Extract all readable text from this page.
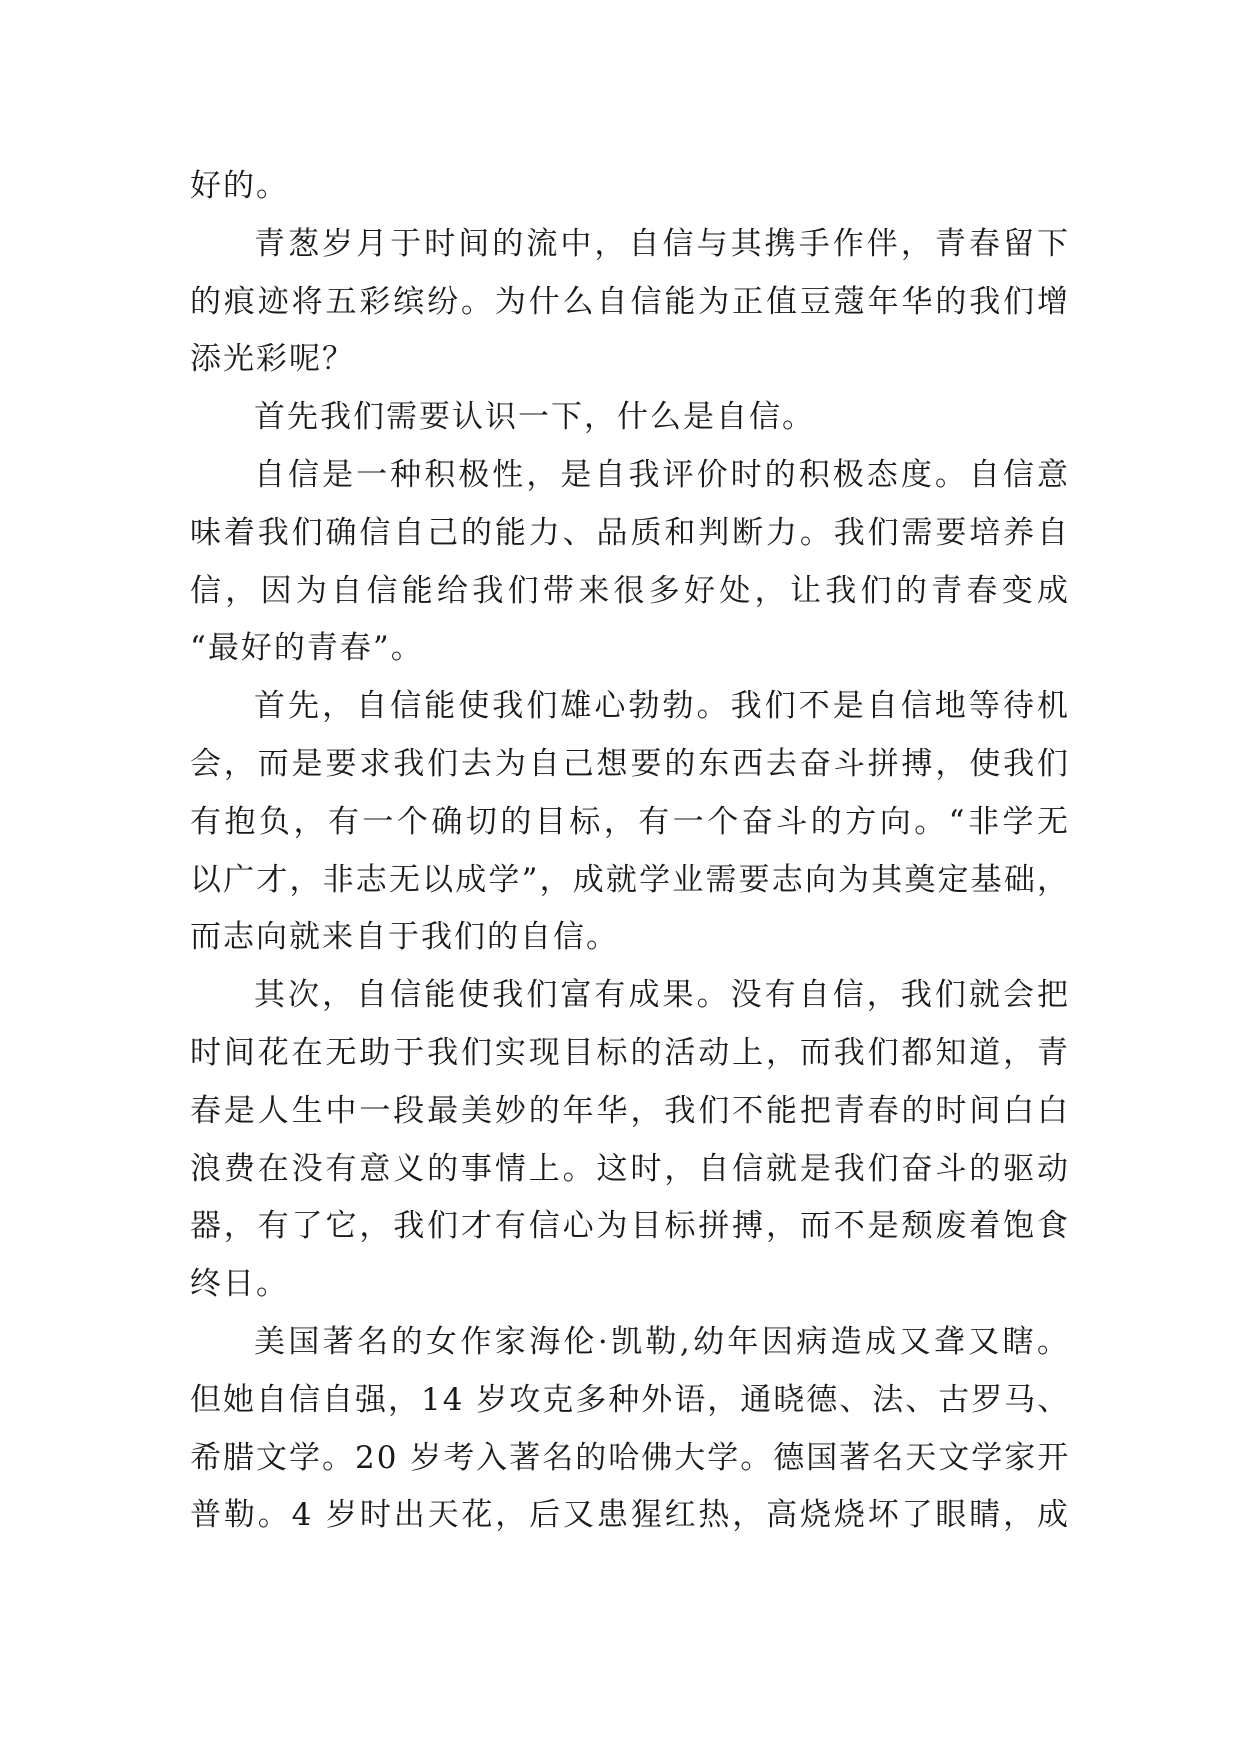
好的。

青葱岁月于时间的流中，自信与其携手作伴，青春留下

的痕迹将五彩缤纷。为什么自信能为正值豆蔻年华的我们增

添光彩呢？

首先我们需要认识一下，什么是自信。

自信是一种积极性，是自我评价时的积极态度。自信意

味着我们确信自己的能力、品质和判断力。我们需要培养自

信，因为自信能给我们带来很多好处，让我们的青春变成

“最好的青春”。

首先，自信能使我们雄心勃勃。我们不是自信地等待机

会，而是要求我们去为自己想要的东西去奋斗拼搏，使我们

有抱负，有一个确切的目标，有一个奋斗的方向。“非学无

以广才，非志无以成学”，成就学业需要志向为其奠定基础，

而志向就来自于我们的自信。

其次，自信能使我们富有成果。没有自信，我们就会把

时间花在无助于我们实现目标的活动上，而我们都知道，青

春是人生中一段最美妙的年华，我们不能把青春的时间白白

浪费在没有意义的事情上。这时，自信就是我们奋斗的驱动

器，有了它，我们才有信心为目标拼搏，而不是颓废着饱食

终日。

美国著名的女作家海伦·凯勒,幼年因病造成又聋又瞎。

但她自信自强，14 岁攻克多种外语，通晓德、法、古罗马、

希腊文学。20 岁考入著名的哈佛大学。德国著名天文学家开

普勒。4 岁时出天花，后又患猩红热，高烧烧坏了眼睛，成
